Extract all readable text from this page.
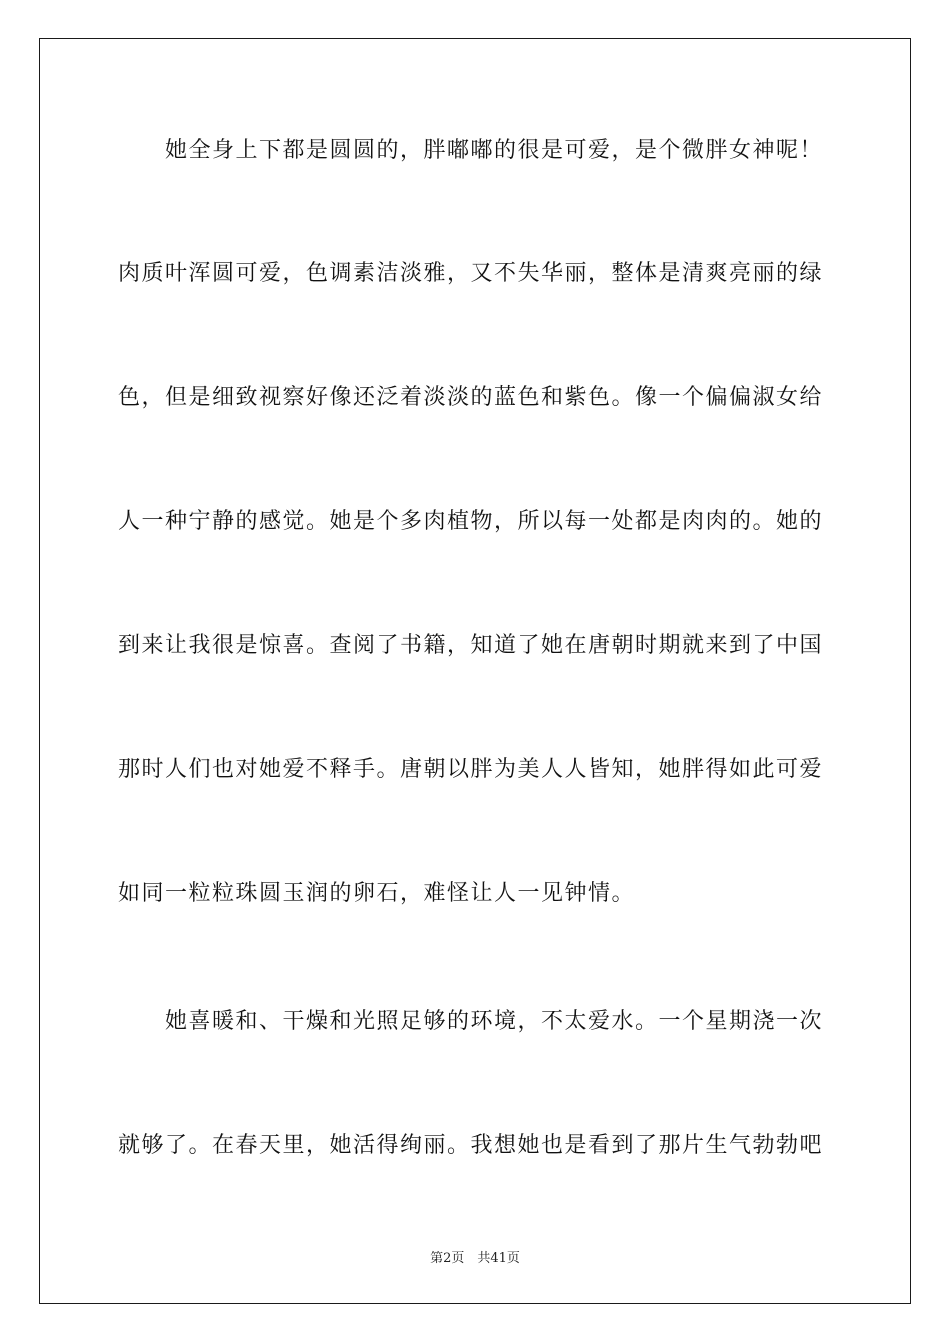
她全身上下都是圆圆的，胖嘟嘟的很是可爱，是个微胖女神呢！
肉质叶浑圆可爱，色调素洁淡雅，又不失华丽，整体是清爽亮丽的绿
色，但是细致视察好像还泛着淡淡的蓝色和紫色。像一个偏偏淑女给
人一种宁静的感觉。她是个多肉植物，所以每一处都是肉肉的。她的
到来让我很是惊喜。查阅了书籍，知道了她在唐朝时期就来到了中国
那时人们也对她爱不释手。唐朝以胖为美人人皆知，她胖得如此可爱
如同一粒粒珠圆玉润的卵石，难怪让人一见钟情。
她喜暖和、干燥和光照足够的环境，不太爱水。一个星期浇一次
就够了。在春天里，她活得绚丽。我想她也是看到了那片生气勃勃吧
第2页　共41页
